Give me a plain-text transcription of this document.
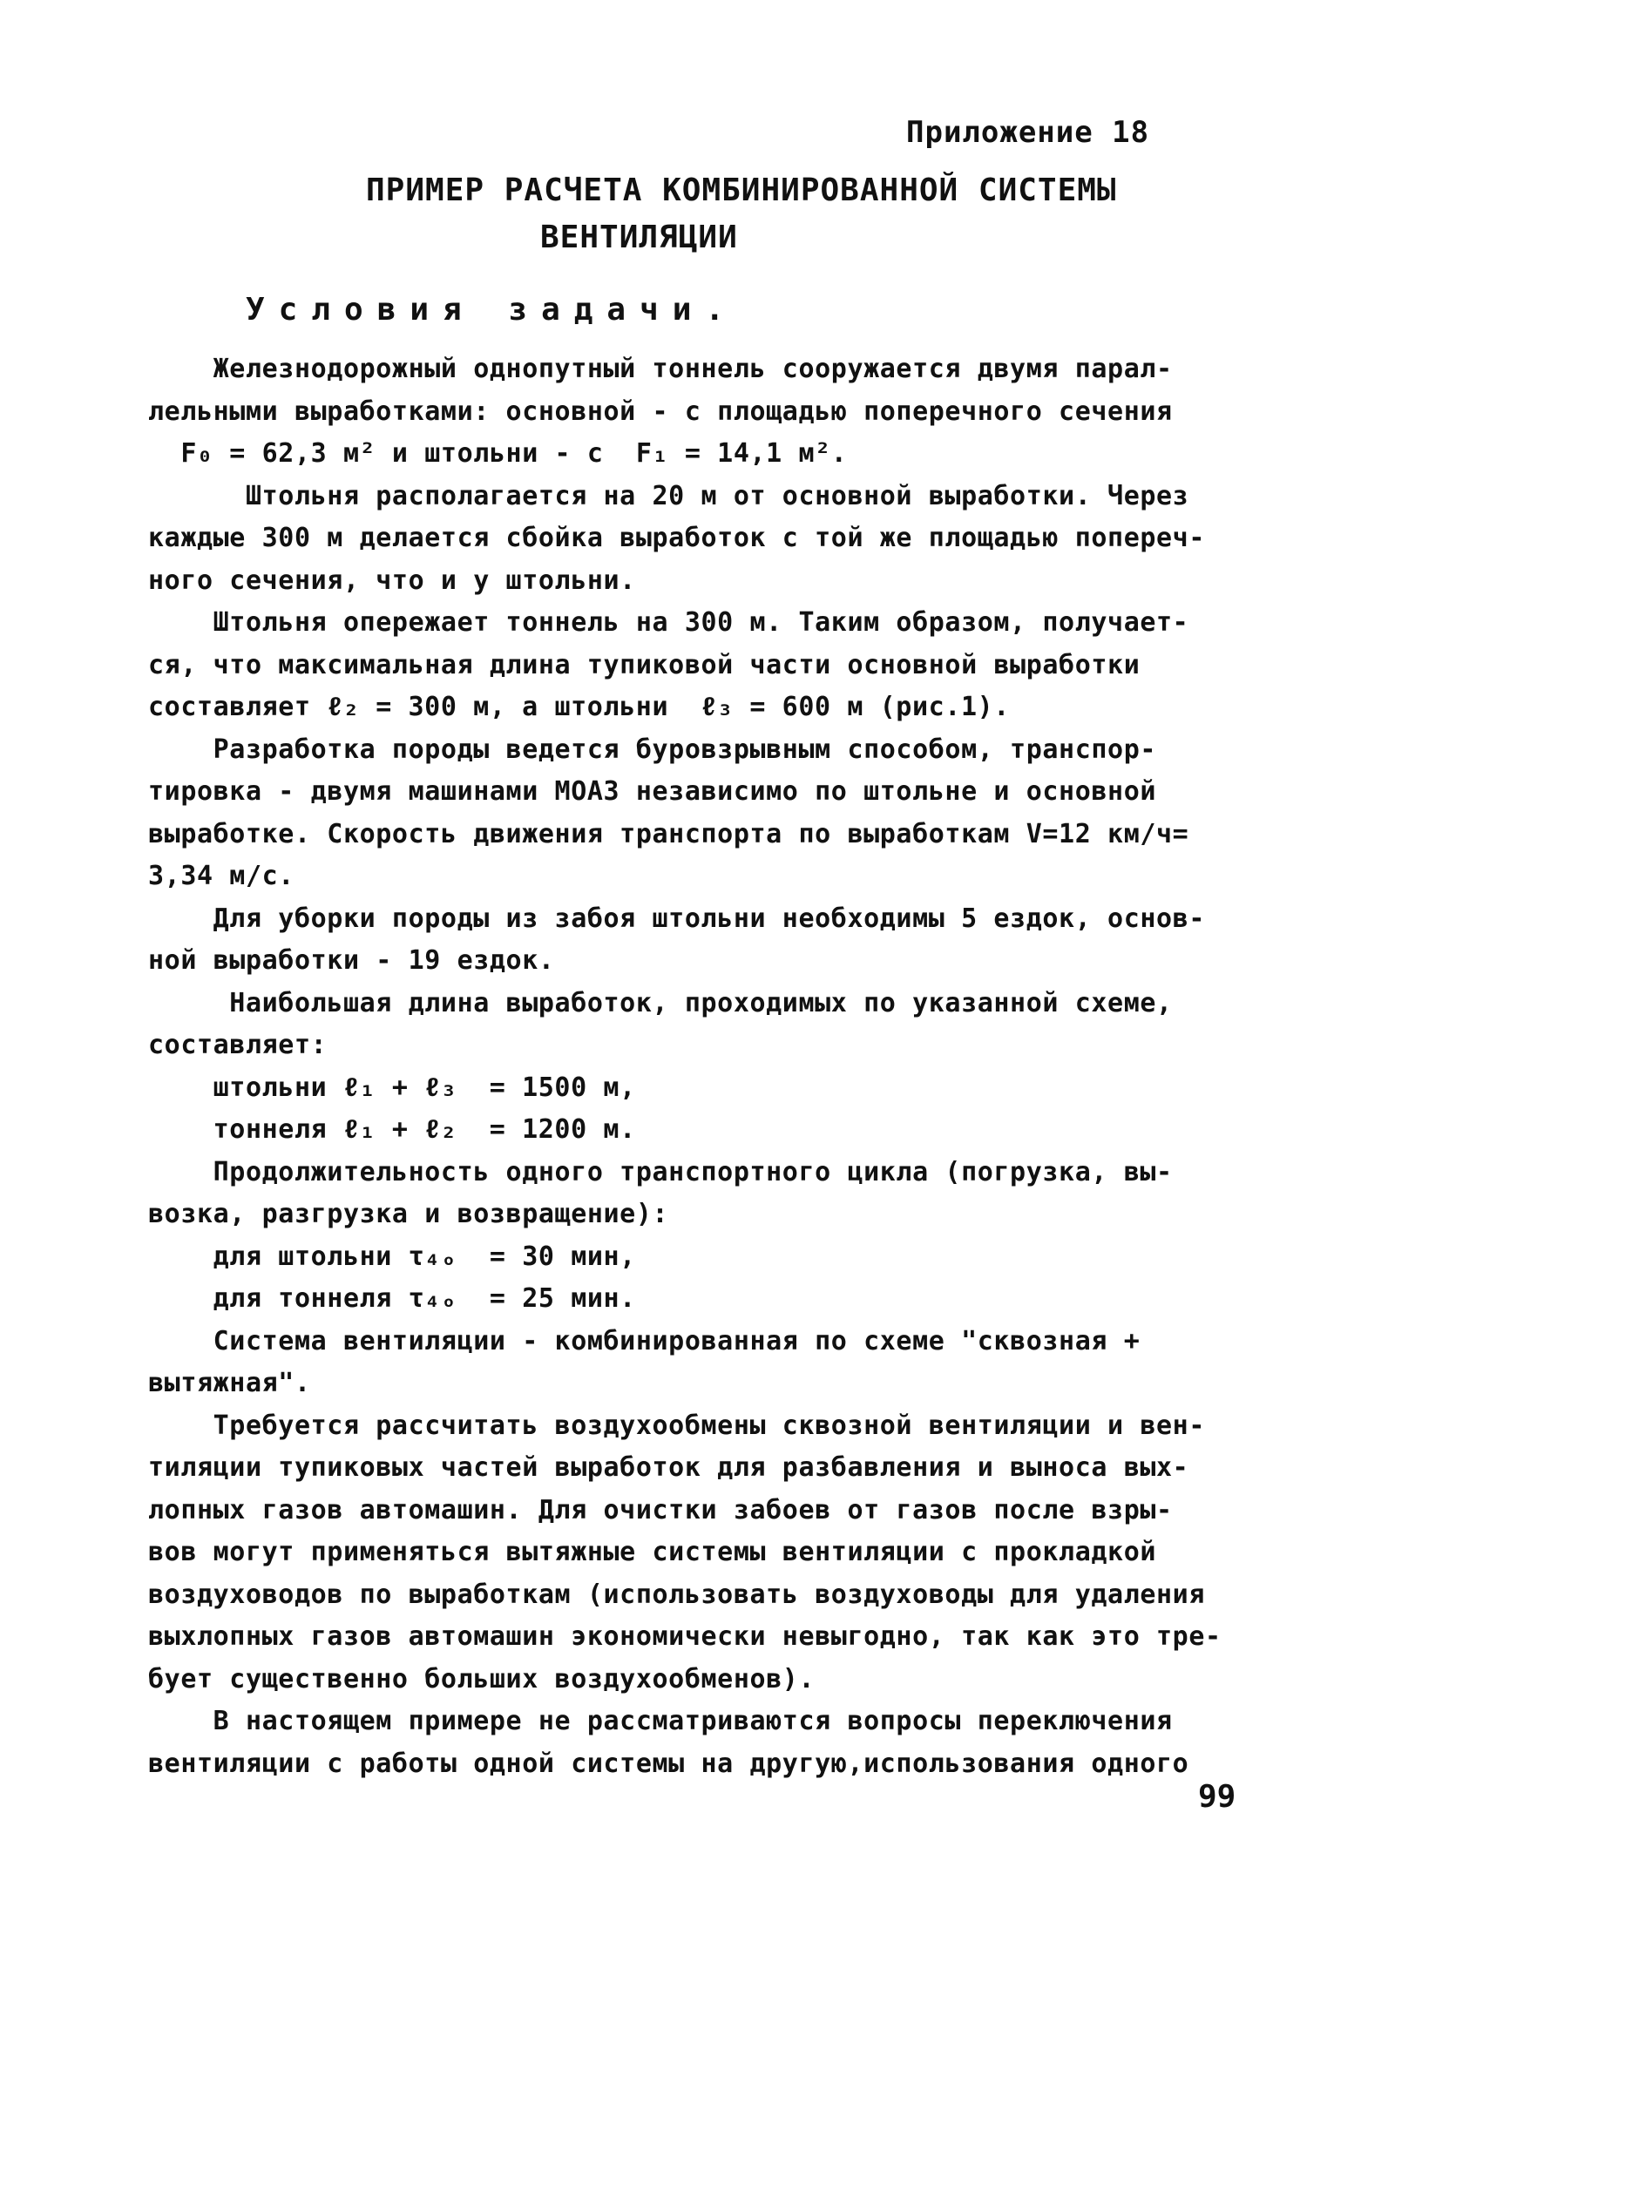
Приложение 18
ПРИМЕР РАСЧЕТА КОМБИНИРОВАННОЙ СИСТЕМЫ
ВЕНТИЛЯЦИИ
Условия задачи.
Железнодорожный однопутный тоннель сооружается двумя парал-
лельными выработками: основной - с площадью поперечного сечения
F₀ = 62,3 м² и штольни - с  F₁ = 14,1 м².
Штольня располагается на 20 м от основной выработки. Через
каждые 300 м делается сбойка выработок с той же площадью попереч-
ного сечения, что и у штольни.
Штольня опережает тоннель на 300 м. Таким образом, получает-
ся, что максимальная длина тупиковой части основной выработки
составляет ℓ₂ = 300 м, а штольни  ℓ₃ = 600 м (рис.1).
Разработка породы ведется буровзрывным способом, транспор-
тировка - двумя машинами МОАЗ независимо по штольне и основной
выработке. Скорость движения транспорта по выработкам V=12 км/ч=
3,34 м/с.
Для уборки породы из забоя штольни необходимы 5 ездок, основ-
ной выработки - 19 ездок.
Наибольшая длина выработок, проходимых по указанной схеме,
составляет:
штольни ℓ₁ + ℓ₃  = 1500 м,
тоннеля ℓ₁ + ℓ₂  = 1200 м.
Продолжительность одного транспортного цикла (погрузка, вы-
возка, разгрузка и возвращение):
для штольни τ₄ₒ  = 30 мин,
для тоннеля τ₄ₒ  = 25 мин.
Система вентиляции - комбинированная по схеме "сквозная +
вытяжная".
Требуется рассчитать воздухообмены сквозной вентиляции и вен-
тиляции тупиковых частей выработок для разбавления и выноса вых-
лопных газов автомашин. Для очистки забоев от газов после взры-
вов могут применяться вытяжные системы вентиляции с прокладкой
воздуховодов по выработкам (использовать воздуховоды для удаления
выхлопных газов автомашин экономически невыгодно, так как это тре-
бует существенно больших воздухообменов).
В настоящем примере не рассматриваются вопросы переключения
вентиляции с работы одной системы на другую,использования одного
99
